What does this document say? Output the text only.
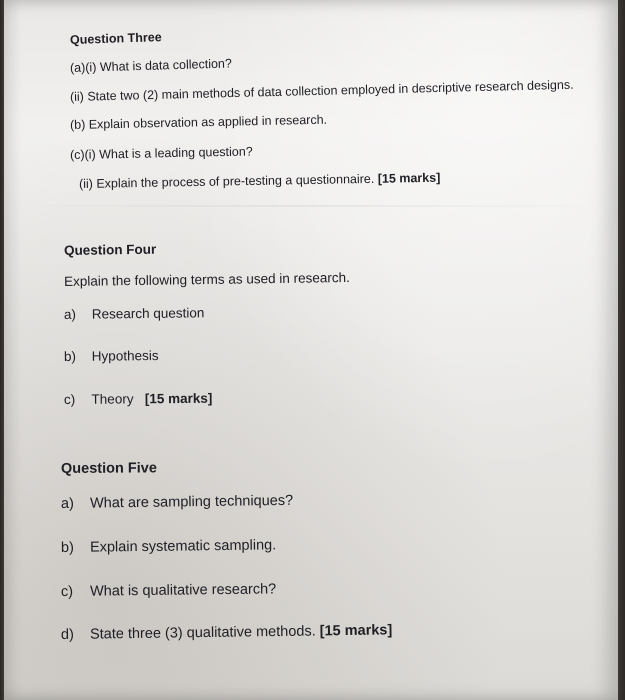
Question Three
(a)(i) What is data collection?
(ii) State two (2) main methods of data collection employed in descriptive research designs.
(b) Explain observation as applied in research.
(c)(i) What is a leading question?
(ii) Explain the process of pre-testing a questionnaire. [15 marks]
Question Four
Explain the following terms as used in research.
a) Research question
b) Hypothesis
c) Theory [15 marks]
Question Five
a) What are sampling techniques?
b) Explain systematic sampling.
c) What is qualitative research?
d) State three (3) qualitative methods. [15 marks]
